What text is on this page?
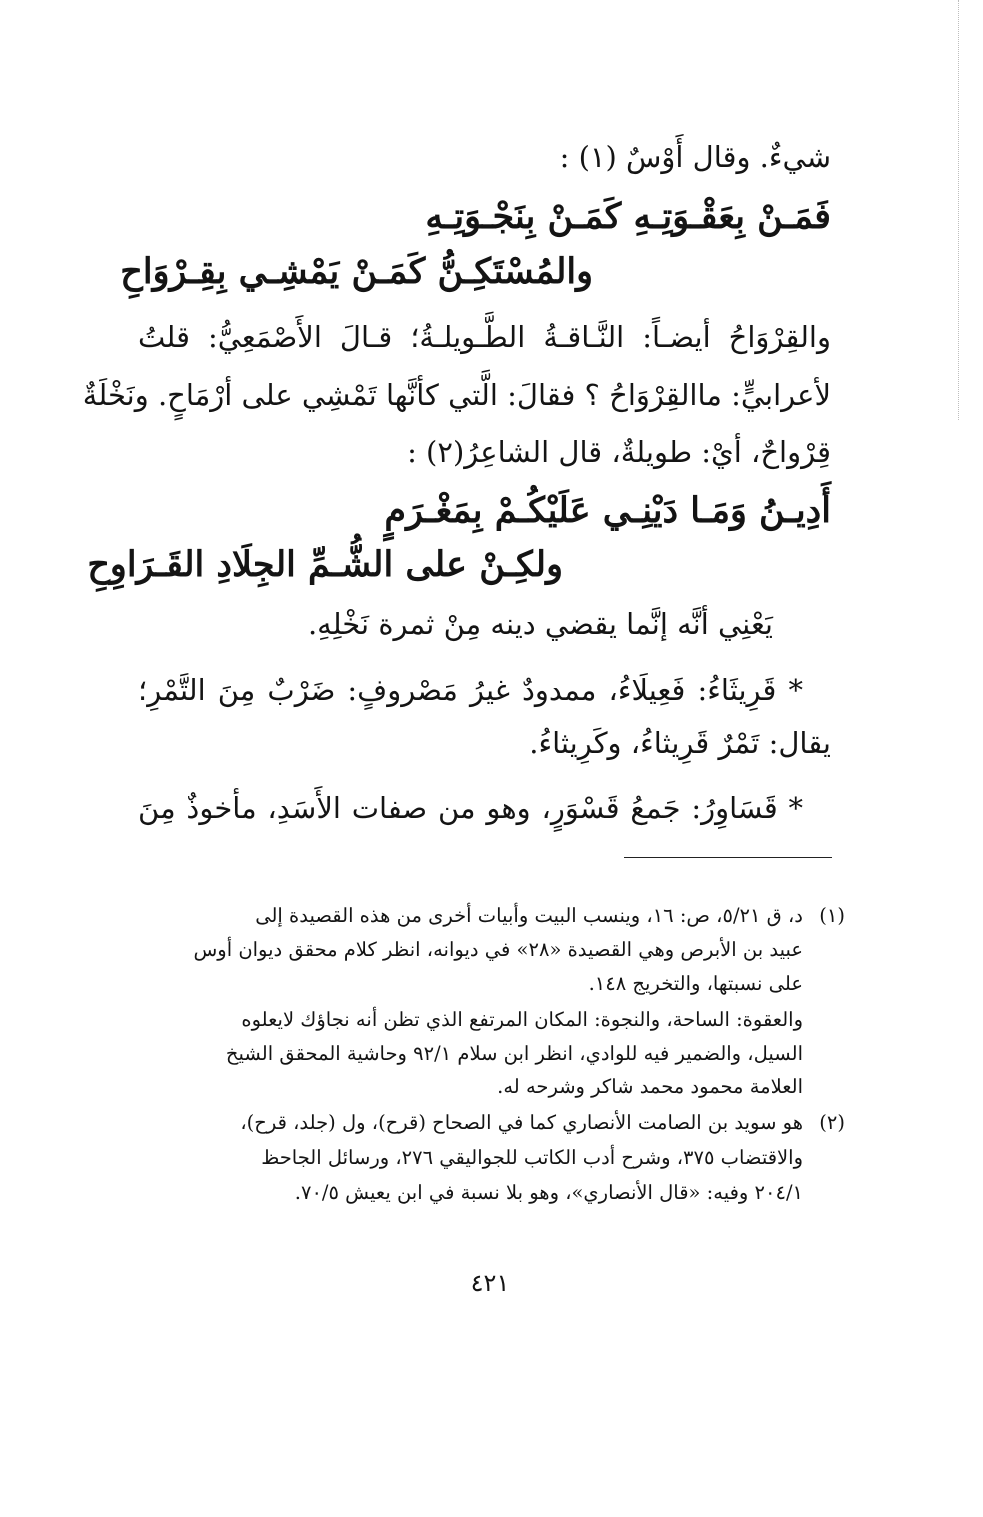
شيءٌ. وقال أَوْسٌ (١) :
فَمَـنْ بِعَقْـوَتِـهِ كَمَـنْ بِنَجْـوَتِـهِ
والمُسْتَكِـنُّ كَمَـنْ يَمْشِـي بِقِـرْوَاحِ
والقِرْوَاحُ أيضـاً: النَّـاقـةُ الطَّـويلـةُ؛ قـالَ الأَصْمَعِيُّ: قلتُ
لأعرابيٍّ: ماالقِرْوَاحُ ؟ فقالَ: الَّتي كأنَّها تَمْشِي على أرْمَاحٍ. ونَخْلَةٌ
قِرْواحٌ، أيْ: طويلةٌ، قال الشاعِرُ(٢) :
أَدِيـنُ وَمَـا دَيْنِـي عَلَيْكُـمْ بِمَغْـرَمٍ
ولكِـنْ على الشُّـمِّ الجِلَادِ القَـرَاوِحِ
يَعْنِي أنَّه إنَّما يقضي دينه مِنْ ثمرة نَخْلِهِ.
* قَرِيثَاءُ: فَعِيلَاءُ، ممدودٌ غيرُ مَصْروفٍ: ضَرْبٌ مِنَ التَّمْرِ؛
يقال: تَمْرٌ قَرِيثاءُ، وكَرِيثاءُ.
* قَسَاوِرُ: جَمعُ قَسْوَرٍ، وهو من صفات الأَسَدِ، مأخوذٌ مِنَ
(١)
د، ق ٥/٢١، ص: ١٦، وينسب البيت وأبيات أخرى من هذه القصيدة إلى
عبيد بن الأبرص وهي القصيدة «٢٨» في ديوانه، انظر كلام محقق ديوان أوس
على نسبتها، والتخريج ١٤٨.
والعقوة: الساحة، والنجوة: المكان المرتفع الذي تظن أنه نجاؤك لايعلوه
السيل، والضمير فيه للوادي، انظر ابن سلام ٩٢/١ وحاشية المحقق الشيخ
العلامة محمود محمد شاكر وشرحه له.
(٢)
هو سويد بن الصامت الأنصاري كما في الصحاح (قرح)، ول (جلد، قرح)،
والاقتضاب ٣٧٥، وشرح أدب الكاتب للجواليقي ٢٧٦، ورسائل الجاحظ
٢٠٤/١ وفيه: «قال الأنصاري»، وهو بلا نسبة في ابن يعيش ٧٠/٥.
٤٢١
